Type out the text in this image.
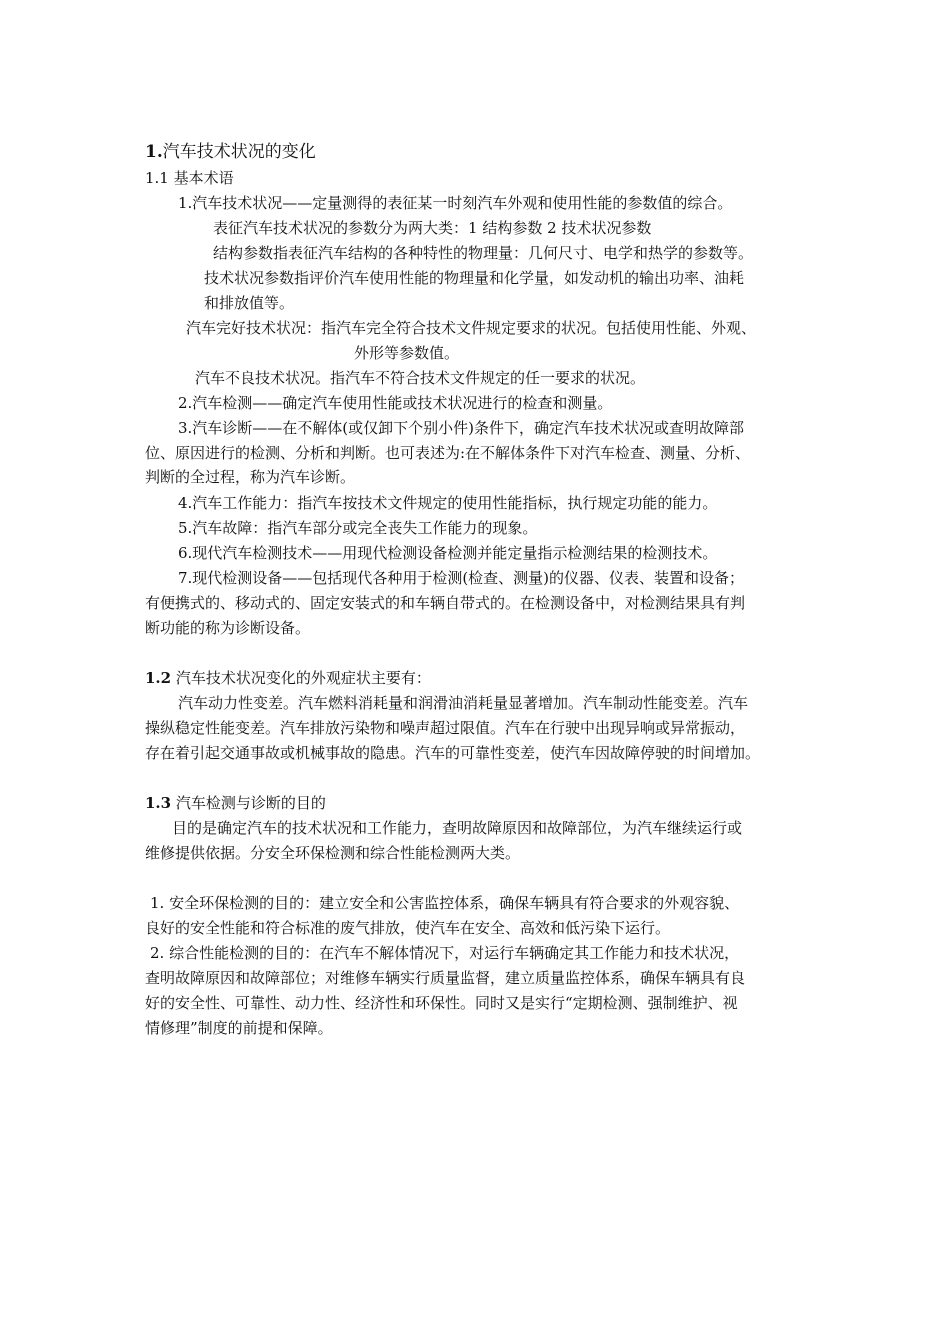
1.汽车技术状况的变化
1.1 基本术语
1.汽车技术状况——定量测得的表征某一时刻汽车外观和使用性能的参数值的综合。
表征汽车技术状况的参数分为两大类：1 结构参数 2 技术状况参数
结构参数指表征汽车结构的各种特性的物理量：几何尺寸、电学和热学的参数等。
技术状况参数指评价汽车使用性能的物理量和化学量，如发动机的输出功率、油耗
和排放值等。
汽车完好技术状况：指汽车完全符合技术文件规定要求的状况。包括使用性能、外观、
外形等参数值。
汽车不良技术状况。指汽车不符合技术文件规定的任一要求的状况。
2.汽车检测——确定汽车使用性能或技术状况进行的检查和测量。
3.汽车诊断——在不解体(或仅卸下个别小件)条件下，确定汽车技术状况或查明故障部
位、原因进行的检测、分析和判断。也可表述为:在不解体条件下对汽车检查、测量、分析、
判断的全过程，称为汽车诊断。
4.汽车工作能力：指汽车按技术文件规定的使用性能指标，执行规定功能的能力。
5.汽车故障：指汽车部分或完全丧失工作能力的现象。
6.现代汽车检测技术——用现代检测设备检测并能定量指示检测结果的检测技术。
7.现代检测设备——包括现代各种用于检测(检查、测量)的仪器、仪表、装置和设备；
有便携式的、移动式的、固定安装式的和车辆自带式的。在检测设备中，对检测结果具有判
断功能的称为诊断设备。
1.2 汽车技术状况变化的外观症状主要有：
汽车动力性变差。汽车燃料消耗量和润滑油消耗量显著增加。汽车制动性能变差。汽车
操纵稳定性能变差。汽车排放污染物和噪声超过限值。汽车在行驶中出现异响或异常振动，
存在着引起交通事故或机械事故的隐患。汽车的可靠性变差，使汽车因故障停驶的时间增加。
1.3 汽车检测与诊断的目的
目的是确定汽车的技术状况和工作能力，查明故障原因和故障部位，为汽车继续运行或
维修提供依据。分安全环保检测和综合性能检测两大类。
1. 安全环保检测的目的：建立安全和公害监控体系，确保车辆具有符合要求的外观容貌、
良好的安全性能和符合标准的废气排放，使汽车在安全、高效和低污染下运行。
2. 综合性能检测的目的：在汽车不解体情况下，对运行车辆确定其工作能力和技术状况，
查明故障原因和故障部位；对维修车辆实行质量监督，建立质量监控体系，确保车辆具有良
好的安全性、可靠性、动力性、经济性和环保性。同时又是实行“定期检测、强制维护、视
情修理”制度的前提和保障。
